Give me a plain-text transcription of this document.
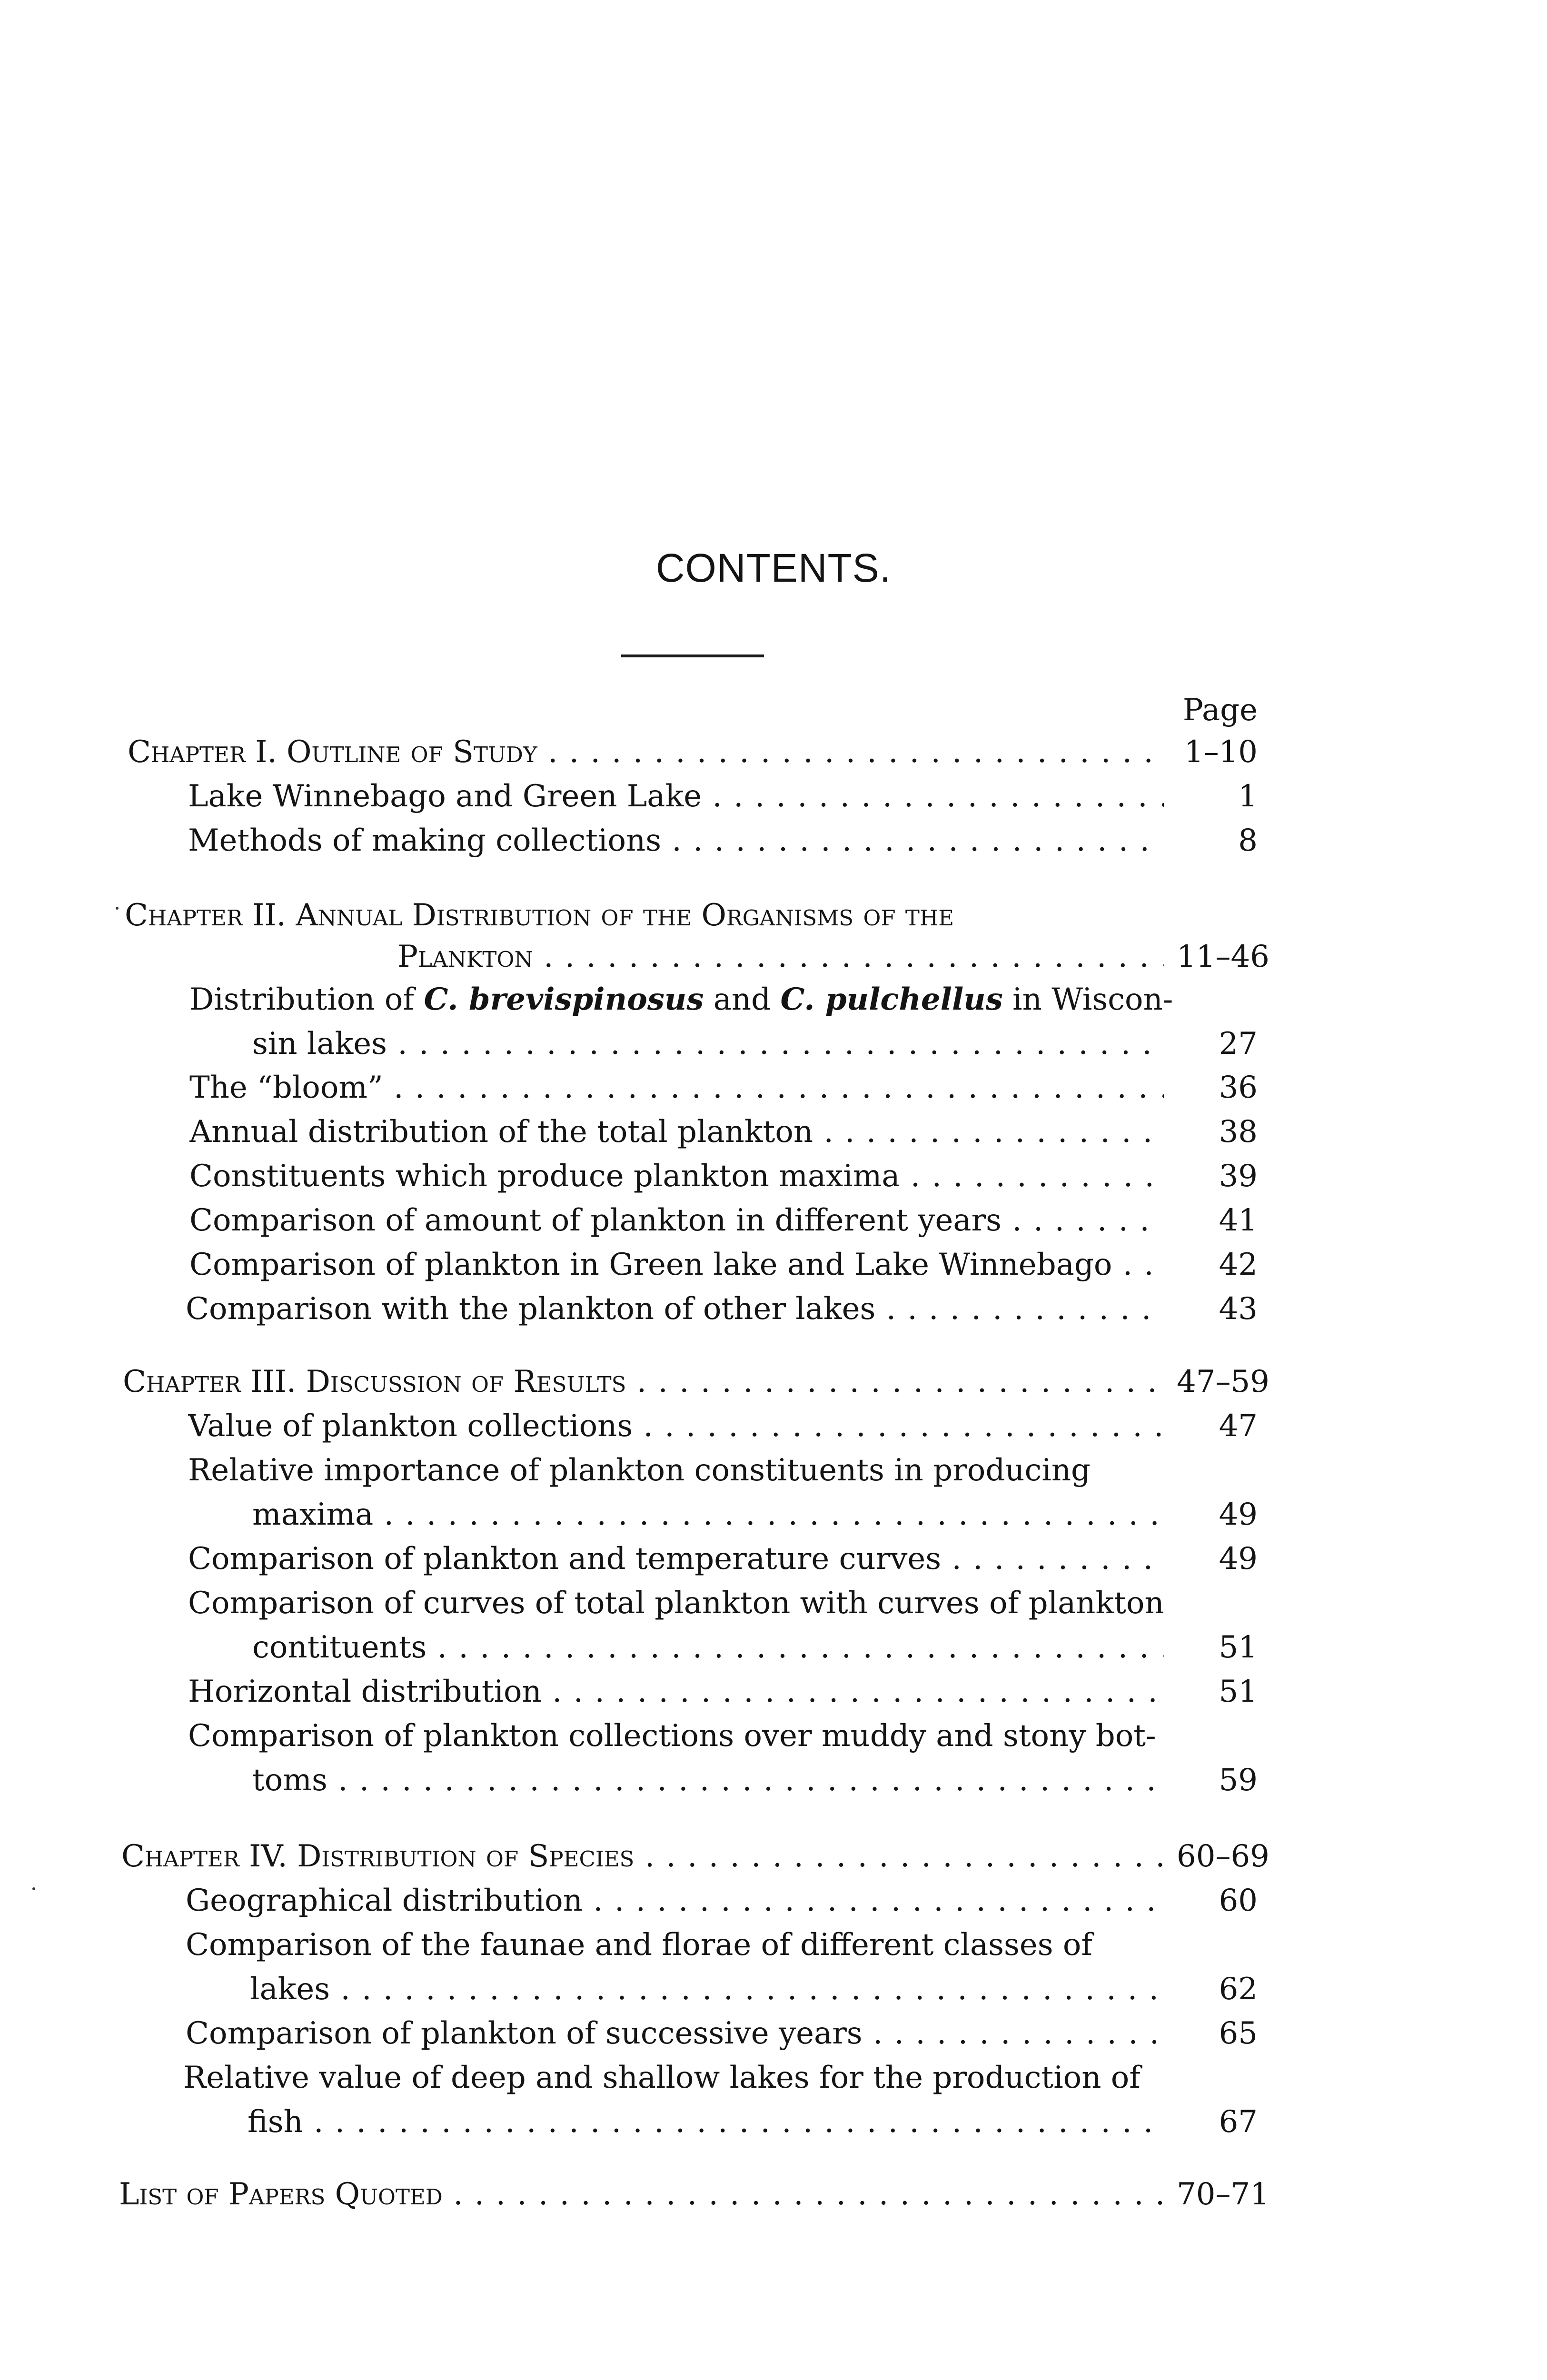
CONTENTS.
Page
Chapter I. Outline of Study . . .	1–10
Lake Winnebago and Green Lake . . .	1
Methods of making collections . . .	8
Chapter II. Annual Distribution of the Organisms of the
Plankton . . .	11–46
Distribution of C. brevispinosus and C. pulchellus in Wiscon-
sin lakes . . .	27
The “bloom” . . .	36
Annual distribution of the total plankton . . .	38
Constituents which produce plankton maxima . . .	39
Comparison of amount of plankton in different years . . .	41
Comparison of plankton in Green lake and Lake Winnebago . . .	42
Comparison with the plankton of other lakes . . .	43
Chapter III. Discussion of Results . . .	47–59
Value of plankton collections . . .	47
Relative importance of plankton constituents in producing
maxima . . .	49
Comparison of plankton and temperature curves . . .	49
Comparison of curves of total plankton with curves of plankton
contituents . . .	51
Horizontal distribution . . .	51
Comparison of plankton collections over muddy and stony bot-
toms . . .	59
Chapter IV. Distribution of Species . . .	60–69
Geographical distribution . . .	60
Comparison of the faunae and florae of different classes of
lakes . . .	62
Comparison of plankton of successive years . . .	65
Relative value of deep and shallow lakes for the production of
fish . . .	67
List of Papers Quoted . . .	70–71
